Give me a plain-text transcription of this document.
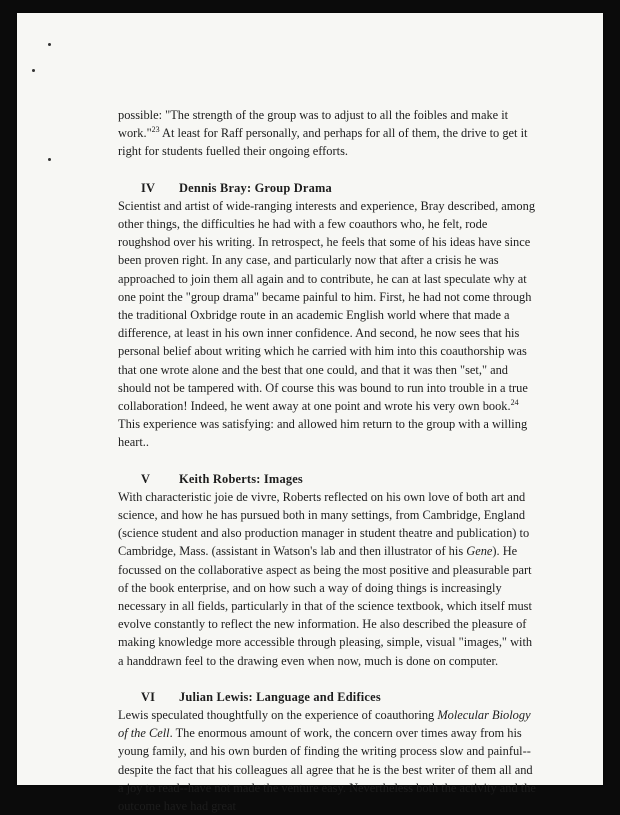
possible: "The strength of the group was to adjust to all the foibles and make it work."$^{23}$ At least for Raff personally, and perhaps for all of them, the drive to get it right for students fuelled their ongoing efforts.

IV Dennis Bray: Group Drama

Scientist and artist of wide-ranging interests and experience, Bray described, among other things, the difficulties he had with a few coauthors who, he felt, rode roughshod over his writing. In retrospect, he feels that some of his ideas have since been proven right. In any case, and particularly now that after a crisis he was approached to join them all again and to contribute, he can at last speculate why at one point the "group drama" became painful to him. First, he had not come through the traditional Oxbridge route in an academic English world where that made a difference, at least in his own inner confidence. And second, he now sees that his personal belief about writing which he carried with him into this coauthorship was that one wrote alone and the best that one could, and that it was then "set," and should not be tampered with. Of course this was bound to run into trouble in a true collaboration! Indeed, he went away at one point and wrote his very own book.$^{24}$ This experience was satisfying: and allowed him return to the group with a willing heart..

V Keith Roberts: Images

With characteristic joie de vivre, Roberts reflected on his own love of both art and science, and how he has pursued both in many settings, from Cambridge, England (science student and also production manager in student theatre and publication) to Cambridge, Mass. (assistant in Watson's lab and then illustrator of his Gene). He focussed on the collaborative aspect as being the most positive and pleasurable part of the book enterprise, and on how such a way of doing things is increasingly necessary in all fields, particularly in that of the science textbook, which itself must evolve constantly to reflect the new information. He also described the pleasure of making knowledge more accessible through pleasing, simple, visual "images," with a handdrawn feel to the drawing even when now, much is done on computer.

VI Julian Lewis: Language and Edifices

Lewis speculated thoughtfully on the experience of coauthoring Molecular Biology of the Cell. The enormous amount of work, the concern over times away from his young family, and his own burden of finding the writing process slow and painful--despite the fact that his colleagues all agree that he is the best writer of them all and a joy to read--have not made the venture easy. Nevertheless both the activity and the outcome have had great
